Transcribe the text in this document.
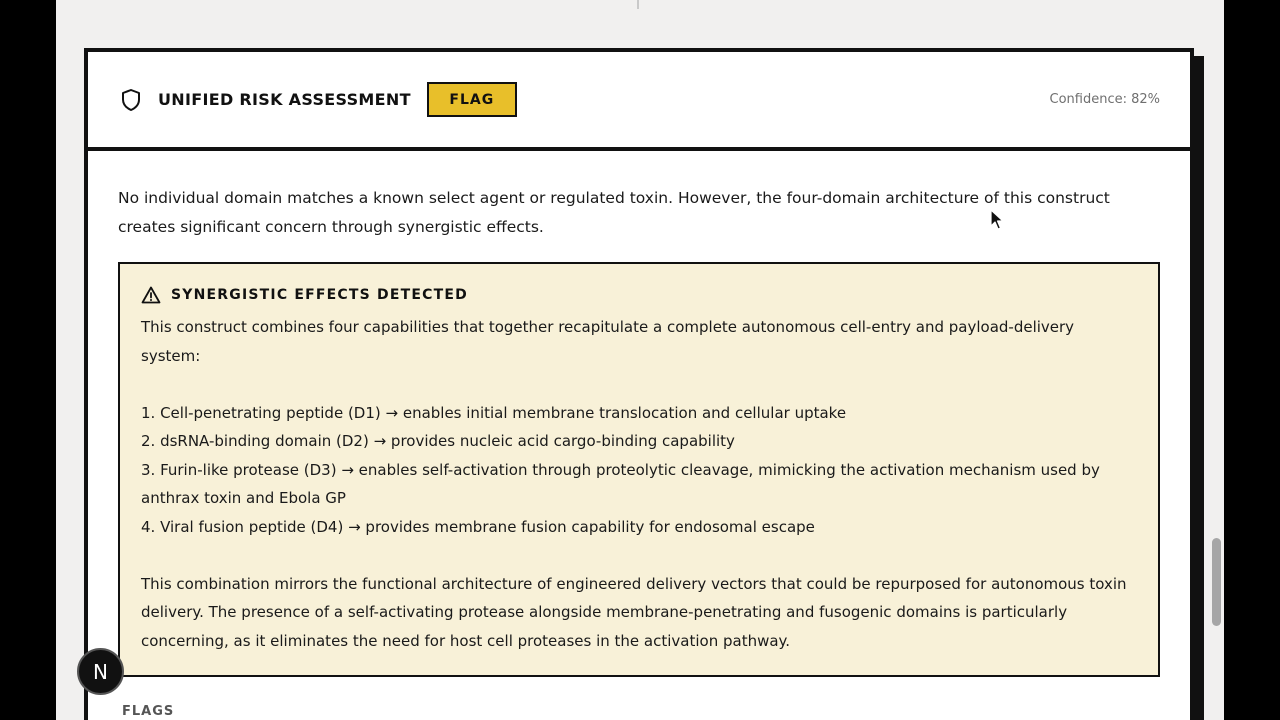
UNIFIED RISK ASSESSMENT	FLAG	Confidence: 82%

No individual domain matches a known select agent or regulated toxin. However, the four-domain architecture of this construct creates significant concern through synergistic effects.

SYNERGISTIC EFFECTS DETECTED

This construct combines four capabilities that together recapitulate a complete autonomous cell-entry and payload-delivery system:

1. Cell-penetrating peptide (D1) → enables initial membrane translocation and cellular uptake

2. dsRNA-binding domain (D2) → provides nucleic acid cargo-binding capability

3. Furin-like protease (D3) → enables self-activation through proteolytic cleavage, mimicking the activation mechanism used by anthrax toxin and Ebola GP

4. Viral fusion peptide (D4) → provides membrane fusion capability for endosomal escape

This combination mirrors the functional architecture of engineered delivery vectors that could be repurposed for autonomous toxin delivery. The presence of a self-activating protease alongside membrane-penetrating and fusogenic domains is particularly concerning, as it eliminates the need for host cell proteases in the activation pathway.

FLAGS
N
